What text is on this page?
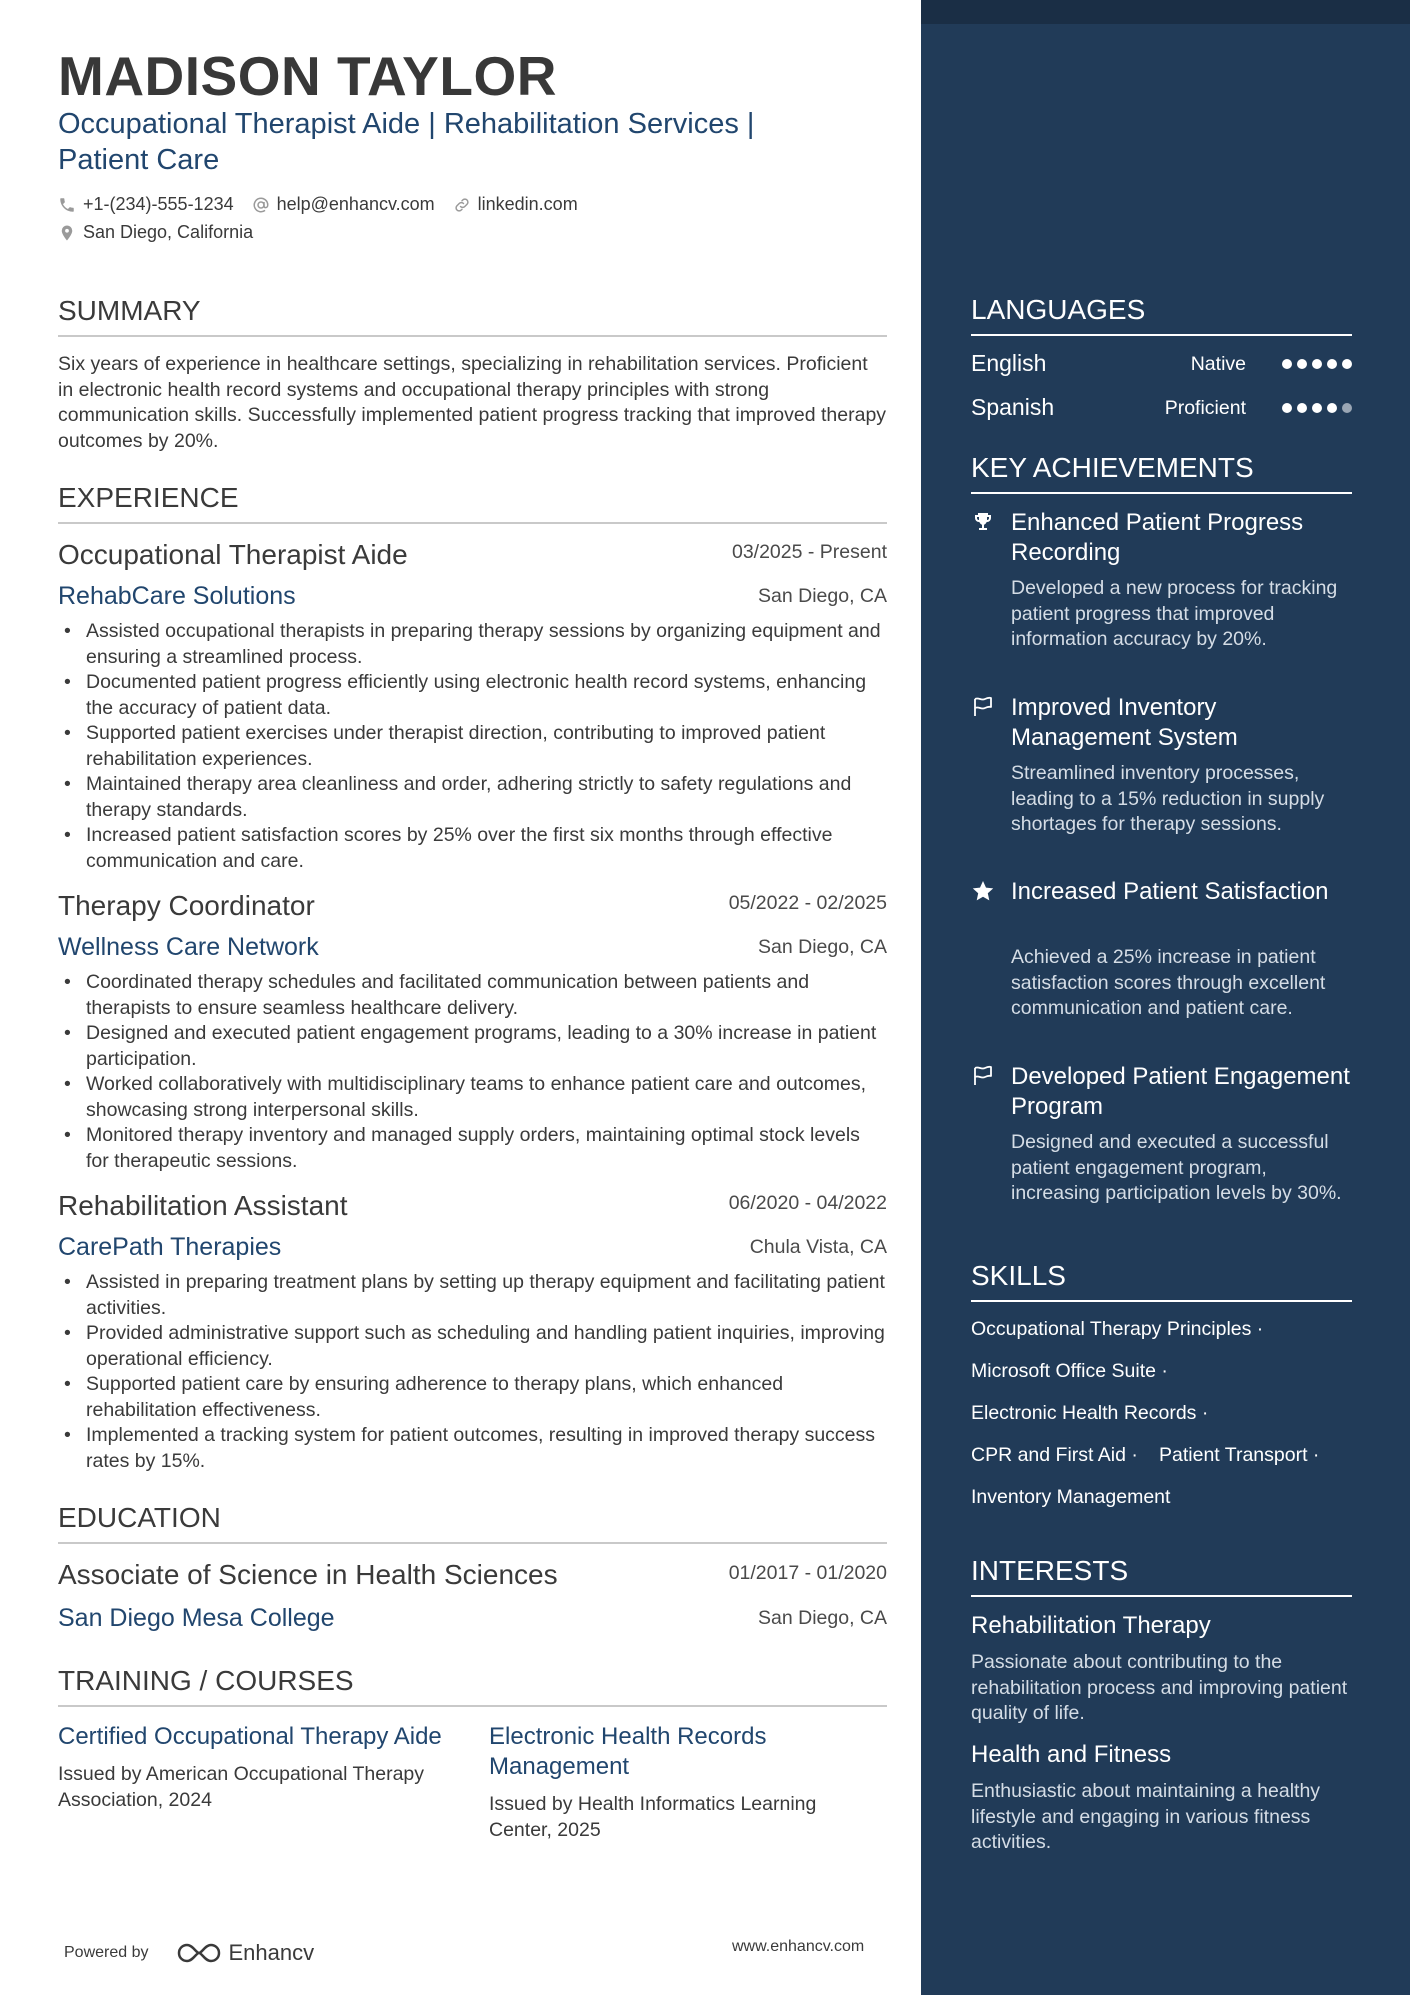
MADISON TAYLOR
Occupational Therapist Aide | Rehabilitation Services |
Patient Care
+1-(234)-555-1234 help@enhancv.com linkedin.com
San Diego, California
SUMMARY
Six years of experience in healthcare settings, specializing in rehabilitation services. Proficient in electronic health record systems and occupational therapy principles with strong communication skills. Successfully implemented patient progress tracking that improved therapy outcomes by 20%.
EXPERIENCE
Occupational Therapist Aide	03/2025 - Present
RehabCare Solutions	San Diego, CA
• Assisted occupational therapists in preparing therapy sessions by organizing equipment and ensuring a streamlined process.
• Documented patient progress efficiently using electronic health record systems, enhancing the accuracy of patient data.
• Supported patient exercises under therapist direction, contributing to improved patient rehabilitation experiences.
• Maintained therapy area cleanliness and order, adhering strictly to safety regulations and therapy standards.
• Increased patient satisfaction scores by 25% over the first six months through effective communication and care.
Therapy Coordinator	05/2022 - 02/2025
Wellness Care Network	San Diego, CA
• Coordinated therapy schedules and facilitated communication between patients and therapists to ensure seamless healthcare delivery.
• Designed and executed patient engagement programs, leading to a 30% increase in patient participation.
• Worked collaboratively with multidisciplinary teams to enhance patient care and outcomes, showcasing strong interpersonal skills.
• Monitored therapy inventory and managed supply orders, maintaining optimal stock levels for therapeutic sessions.
Rehabilitation Assistant	06/2020 - 04/2022
CarePath Therapies	Chula Vista, CA
• Assisted in preparing treatment plans by setting up therapy equipment and facilitating patient activities.
• Provided administrative support such as scheduling and handling patient inquiries, improving operational efficiency.
• Supported patient care by ensuring adherence to therapy plans, which enhanced rehabilitation effectiveness.
• Implemented a tracking system for patient outcomes, resulting in improved therapy success rates by 15%.
EDUCATION
Associate of Science in Health Sciences	01/2017 - 01/2020
San Diego Mesa College	San Diego, CA
TRAINING / COURSES
Certified Occupational Therapy Aide
Issued by American Occupational Therapy Association, 2024
Electronic Health Records Management
Issued by Health Informatics Learning Center, 2025
Powered by	Enhancv	www.enhancv.com
LANGUAGES
English	Native
Spanish	Proficient
KEY ACHIEVEMENTS
Enhanced Patient Progress Recording
Developed a new process for tracking patient progress that improved information accuracy by 20%.
Improved Inventory Management System
Streamlined inventory processes, leading to a 15% reduction in supply shortages for therapy sessions.
Increased Patient Satisfaction
Achieved a 25% increase in patient satisfaction scores through excellent communication and patient care.
Developed Patient Engagement Program
Designed and executed a successful patient engagement program, increasing participation levels by 30%.
SKILLS
Occupational Therapy Principles ·
Microsoft Office Suite ·
Electronic Health Records ·
CPR and First Aid · Patient Transport ·
Inventory Management
INTERESTS
Rehabilitation Therapy
Passionate about contributing to the rehabilitation process and improving patient quality of life.
Health and Fitness
Enthusiastic about maintaining a healthy lifestyle and engaging in various fitness activities.
